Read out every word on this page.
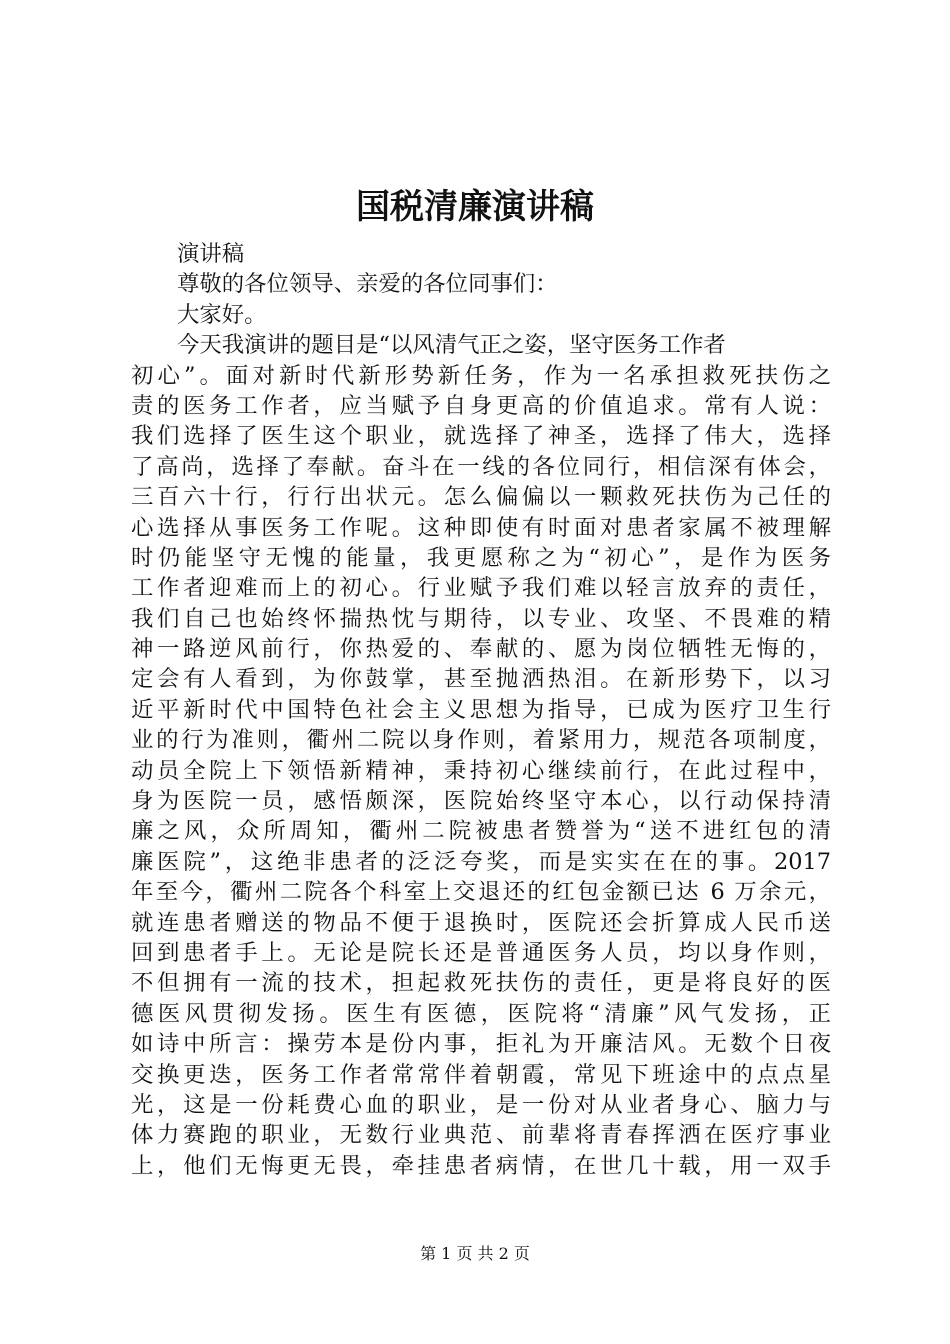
国税清廉演讲稿
演讲稿
尊敬的各位领导、亲爱的各位同事们：
大家好。
今天我演讲的题目是“以风清气正之姿，坚守医务工作者
初心”。面对新时代新形势新任务，作为一名承担救死扶伤之
责的医务工作者，应当赋予自身更高的价值追求。常有人说：
我们选择了医生这个职业，就选择了神圣，选择了伟大，选择
了高尚，选择了奉献。奋斗在一线的各位同行，相信深有体会，
三百六十行，行行出状元。怎么偏偏以一颗救死扶伤为己任的
心选择从事医务工作呢。这种即使有时面对患者家属不被理解
时仍能坚守无愧的能量，我更愿称之为“初心”，是作为医务
工作者迎难而上的初心。行业赋予我们难以轻言放弃的责任，
我们自己也始终怀揣热忱与期待，以专业、攻坚、不畏难的精
神一路逆风前行，你热爱的、奉献的、愿为岗位牺牲无悔的，
定会有人看到，为你鼓掌，甚至抛洒热泪。在新形势下，以习
近平新时代中国特色社会主义思想为指导，已成为医疗卫生行
业的行为准则，衢州二院以身作则，着紧用力，规范各项制度，
动员全院上下领悟新精神，秉持初心继续前行，在此过程中，
身为医院一员，感悟颇深，医院始终坚守本心，以行动保持清
廉之风，众所周知，衢州二院被患者赞誉为“送不进红包的清
廉医院”，这绝非患者的泛泛夸奖，而是实实在在的事。2017
年至今，衢州二院各个科室上交退还的红包金额已达 6 万余元，
就连患者赠送的物品不便于退换时，医院还会折算成人民币送
回到患者手上。无论是院长还是普通医务人员，均以身作则，
不但拥有一流的技术，担起救死扶伤的责任，更是将良好的医
德医风贯彻发扬。医生有医德，医院将“清廉”风气发扬，正
如诗中所言：操劳本是份内事，拒礼为开廉洁风。无数个日夜
交换更迭，医务工作者常常伴着朝霞，常见下班途中的点点星
光，这是一份耗费心血的职业，是一份对从业者身心、脑力与
体力赛跑的职业，无数行业典范、前辈将青春挥洒在医疗事业
上，他们无悔更无畏，牵挂患者病情，在世几十载，用一双手
第 1 页 共 2 页
